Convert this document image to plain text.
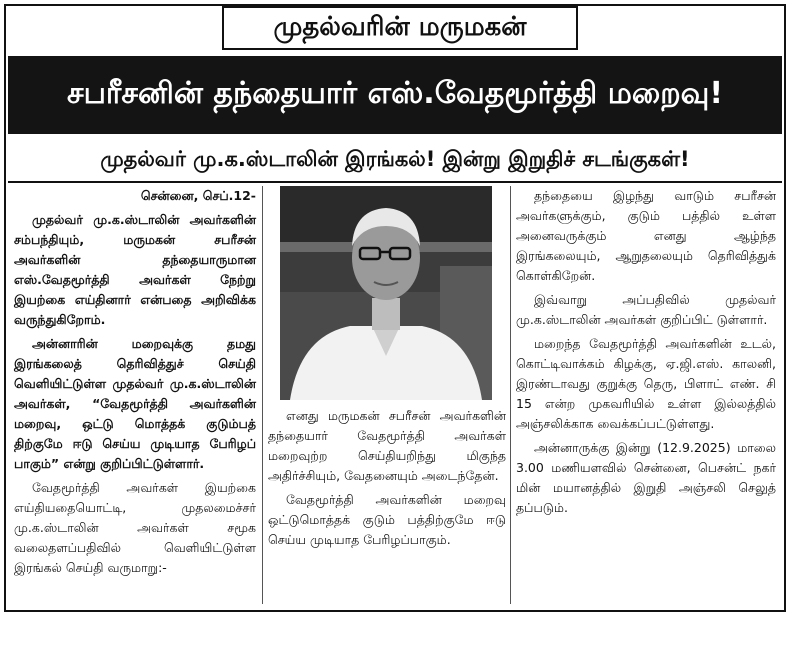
முதல்வரின் மருமகன்
சபரீசனின் தந்தையார் எஸ்.வேதமூர்த்தி மறைவு!
முதல்வர் மு.க.ஸ்டாலின் இரங்கல்! இன்று இறுதிச் சடங்குகள்!

சென்னை, செப்.12-

முதல்வர் மு.க.ஸ்டாலின் அவர்களின் சம்பந்தியும், மருமகன் சபரீசன் அவர்களின் தந்தையாருமான எஸ்.வேதமூர்த்தி அவர்கள் நேற்று இயற்கை எய்தினார் என்பதை அறிவிக்க வருந்துகிறோம்.

அன்னாரின் மறைவுக்கு தமது இரங்கலைத் தெரிவித்துச் செய்தி வெளியிட்டுள்ள முதல்வர் மு.க.ஸ்டாலின் அவர்கள், “வேதமூர்த்தி அவர்களின் மறைவு, ஒட்டு மொத்தக் குடும்பத் திற்குமே ஈடு செய்ய முடியாத பேரிழப் பாகும்” என்று குறிப்பிட்டுள்ளார்.

வேதமூர்த்தி அவர்கள் இயற்கை எய்தியதையொட்டி, முதலமைச்சர் மு.க.ஸ்டாலின் அவர்கள் சமூக வலைதளப்பதிவில் வெளியிட்டுள்ள இரங்கல் செய்தி வருமாறு:-

எனது மருமகன் சபரீசன் அவர்களின் தந்தையார் வேதமூர்த்தி அவர்கள் மறைவுற்ற செய்தியறிந்து மிகுந்த அதிர்ச்சியும், வேதனையும் அடைந்தேன்.

வேதமூர்த்தி அவர்களின் மறைவு ஒட்டுமொத்தக் குடும் பத்திற்குமே ஈடு செய்ய முடியாத பேரிழப்பாகும்.

தந்தையை இழந்து வாடும் சபரீசன் அவர்களுக்கும், குடும் பத்தில் உள்ள அனைவருக்கும் எனது ஆழ்ந்த இரங்கலையும், ஆறுதலையும் தெரிவித்துக் கொள்கிறேன்.

இவ்வாறு அப்பதிவில் முதல்வர் மு.க.ஸ்டாலின் அவர்கள் குறிப்பிட் டுள்ளார்.

மறைந்த வேதமூர்த்தி அவர்களின் உடல், கொட்டிவாக்கம் கிழக்கு, ஏ.ஜி.எஸ். காலனி, இரண்டாவது குறுக்கு தெரு, பிளாட் எண். சி 15 என்ற முகவரியில் உள்ள இல்லத்தில் அஞ்சலிக்காக வைக்கப்பட்டுள்ளது.

அன்னாருக்கு இன்று (12.9.2025) மாலை 3.00 மணியளவில் சென்னை, பெசன்ட் நகர் மின் மயானத்தில் இறுதி அஞ்சலி செலுத் தப்படும்.
